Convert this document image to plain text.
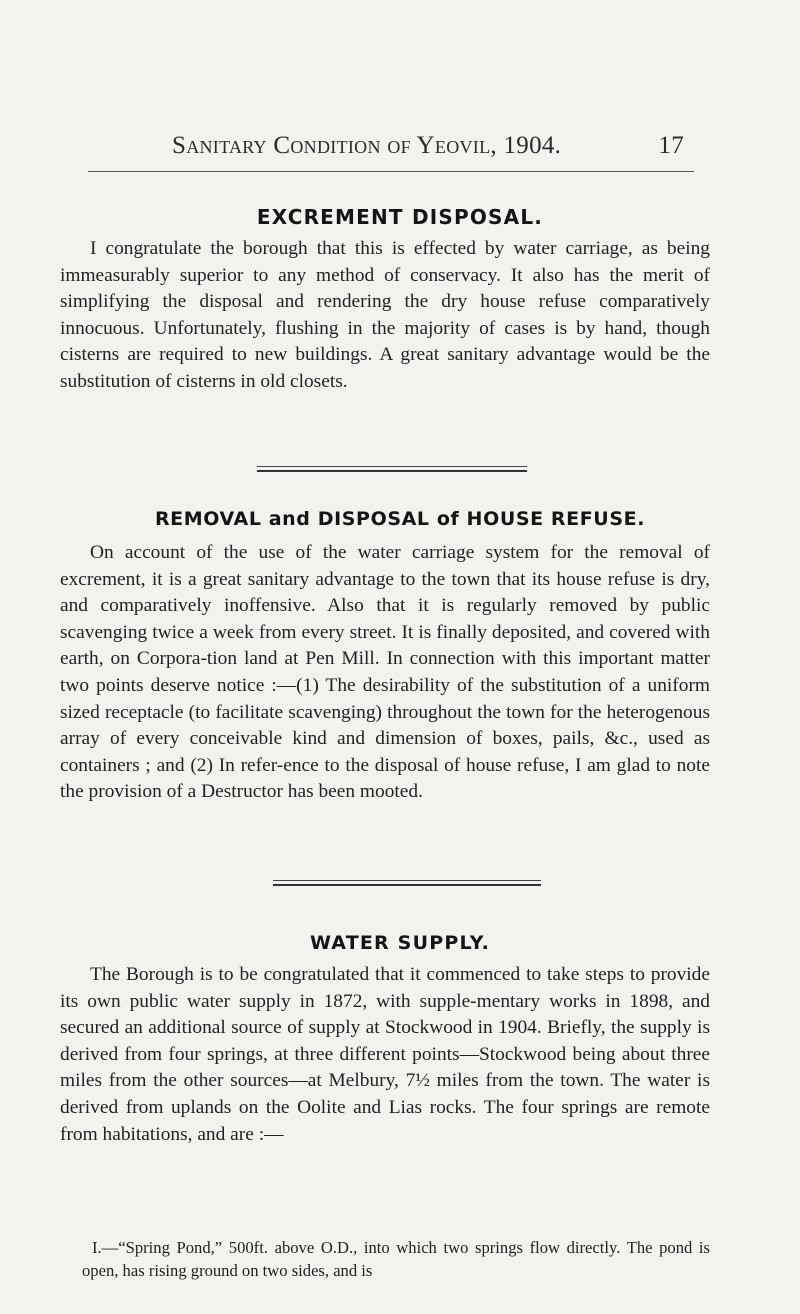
Sanitary Condition of Yeovil, 1904.	17
EXCREMENT DISPOSAL.

I congratulate the borough that this is effected by water carriage, as being immeasurably superior to any method of conservacy. It also has the merit of simplifying the disposal and rendering the dry house refuse comparatively innocuous. Unfortunately, flushing in the majority of cases is by hand, though cisterns are required to new buildings. A great sanitary advantage would be the substitution of cisterns in old closets.

REMOVAL and DISPOSAL of HOUSE REFUSE.

On account of the use of the water carriage system for the removal of excrement, it is a great sanitary advantage to the town that its house refuse is dry, and comparatively inoffensive. Also that it is regularly removed by public scavenging twice a week from every street. It is finally deposited, and covered with earth, on Corpora-tion land at Pen Mill. In connection with this important matter two points deserve notice :—(1) The desirability of the substitution of a uniform sized receptacle (to facilitate scavenging) throughout the town for the heterogenous array of every conceivable kind and dimension of boxes, pails, &c., used as containers ; and (2) In refer-ence to the disposal of house refuse, I am glad to note the provision of a Destructor has been mooted.

WATER SUPPLY.

The Borough is to be congratulated that it commenced to take steps to provide its own public water supply in 1872, with supple-mentary works in 1898, and secured an additional source of supply at Stockwood in 1904. Briefly, the supply is derived from four springs, at three different points—Stockwood being about three miles from the other sources—at Melbury, 7½ miles from the town. The water is derived from uplands on the Oolite and Lias rocks. The four springs are remote from habitations, and are :—

I.—“Spring Pond,” 500ft. above O.D., into which two springs flow directly. The pond is open, has rising ground on two sides, and is
